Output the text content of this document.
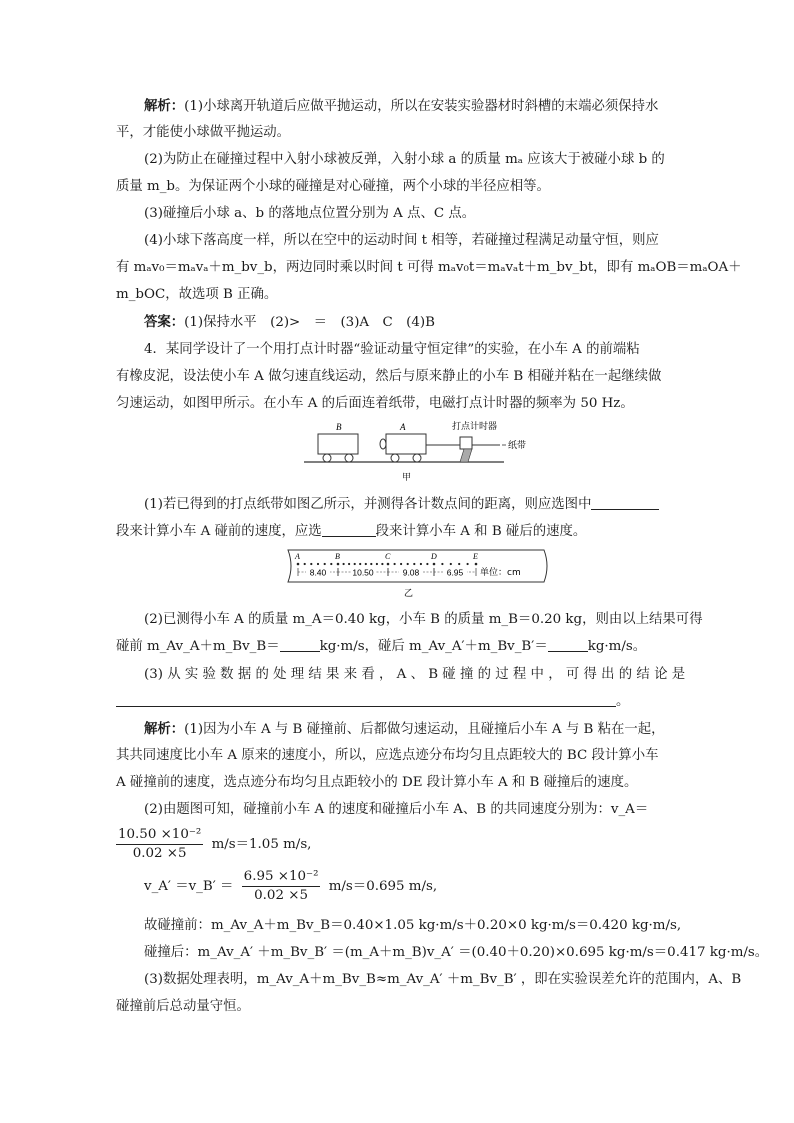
解析：(1)小球离开轨道后应做平抛运动，所以在安装实验器材时斜槽的末端必须保持水
平，才能使小球做平抛运动。
(2)为防止在碰撞过程中入射小球被反弹，入射小球 a 的质量 mₐ 应该大于被碰小球 b 的
质量 m_b。为保证两个小球的碰撞是对心碰撞，两个小球的半径应相等。
(3)碰撞后小球 a、b 的落地点位置分别为 A 点、C 点。
(4)小球下落高度一样，所以在空中的运动时间 t 相等，若碰撞过程满足动量守恒，则应
有 mₐv₀＝mₐvₐ＋m_bv_b，两边同时乘以时间 t 可得 mₐv₀t＝mₐvₐt＋m_bv_bt，即有 mₐOB＝mₐOA＋
m_bOC，故选项 B 正确。
答案：(1)保持水平　(2)>　＝　(3)A　C　(4)B
4．某同学设计了一个用打点计时器“验证动量守恒定律”的实验，在小车 A 的前端粘
有橡皮泥，设法使小车 A 做匀速直线运动，然后与原来静止的小车 B 相碰并粘在一起继续做
匀速运动，如图甲所示。在小车 A 的后面连着纸带，电磁打点计时器的频率为 50 Hz。
B	A	打点计时器
纸带
甲
(1)若已得到的打点纸带如图乙所示，并测得各计数点间的距离，则应选图中
段来计算小车 A 碰前的速度，应选	段来计算小车 A 和 B 碰后的速度。
A	B	C	D	E
8.40	10.50	9.08	6.95 单位：cm
乙
(2)已测得小车 A 的质量 m_A＝0.40 kg，小车 B 的质量 m_B＝0.20 kg，则由以上结果可得
碰前 m_Av_A＋m_Bv_B＝	kg·m/s，碰后 m_Av_A′＋m_Bv_B′＝	kg·m/s。
(3) 从 实 验 数 据 的 处 理 结 果 来 看 ， A 、 B 碰 撞 的 过 程 中 ， 可 得 出 的 结 论 是
。
解析：(1)因为小车 A 与 B 碰撞前、后都做匀速运动，且碰撞后小车 A 与 B 粘在一起，
其共同速度比小车 A 原来的速度小，所以，应选点迹分布均匀且点距较大的 BC 段计算小车
A 碰撞前的速度，选点迹分布均匀且点距较小的 DE 段计算小车 A 和 B 碰撞后的速度。
(2)由题图可知，碰撞前小车 A 的速度和碰撞后小车 A、B 的共同速度分别为：v_A＝
$\frac{\text{10.50 ×10⁻²}}{0.02 \times 5} m/s=1.05$ m/s,
v_A′ ＝v_B′ ＝ $\frac{\text{6.95 ×10⁻²}}{0.02 \times 5} m/s=0.695$ m/s,
故碰撞前：m_Av_A＋m_Bv_B＝0.40×1.05 kg·m/s＋0.20×0 kg·m/s＝0.420 kg·m/s,
碰撞后：m_Av_A′ ＋m_Bv_B′ ＝(m_A＋m_B)v_A′ ＝(0.40＋0.20)×0.695 kg·m/s＝0.417 kg·m/s。
(3)数据处理表明，m_Av_A＋m_Bv_B≈m_Av_A′ ＋m_Bv_B′ ，即在实验误差允许的范围内，A、B
碰撞前后总动量守恒。
